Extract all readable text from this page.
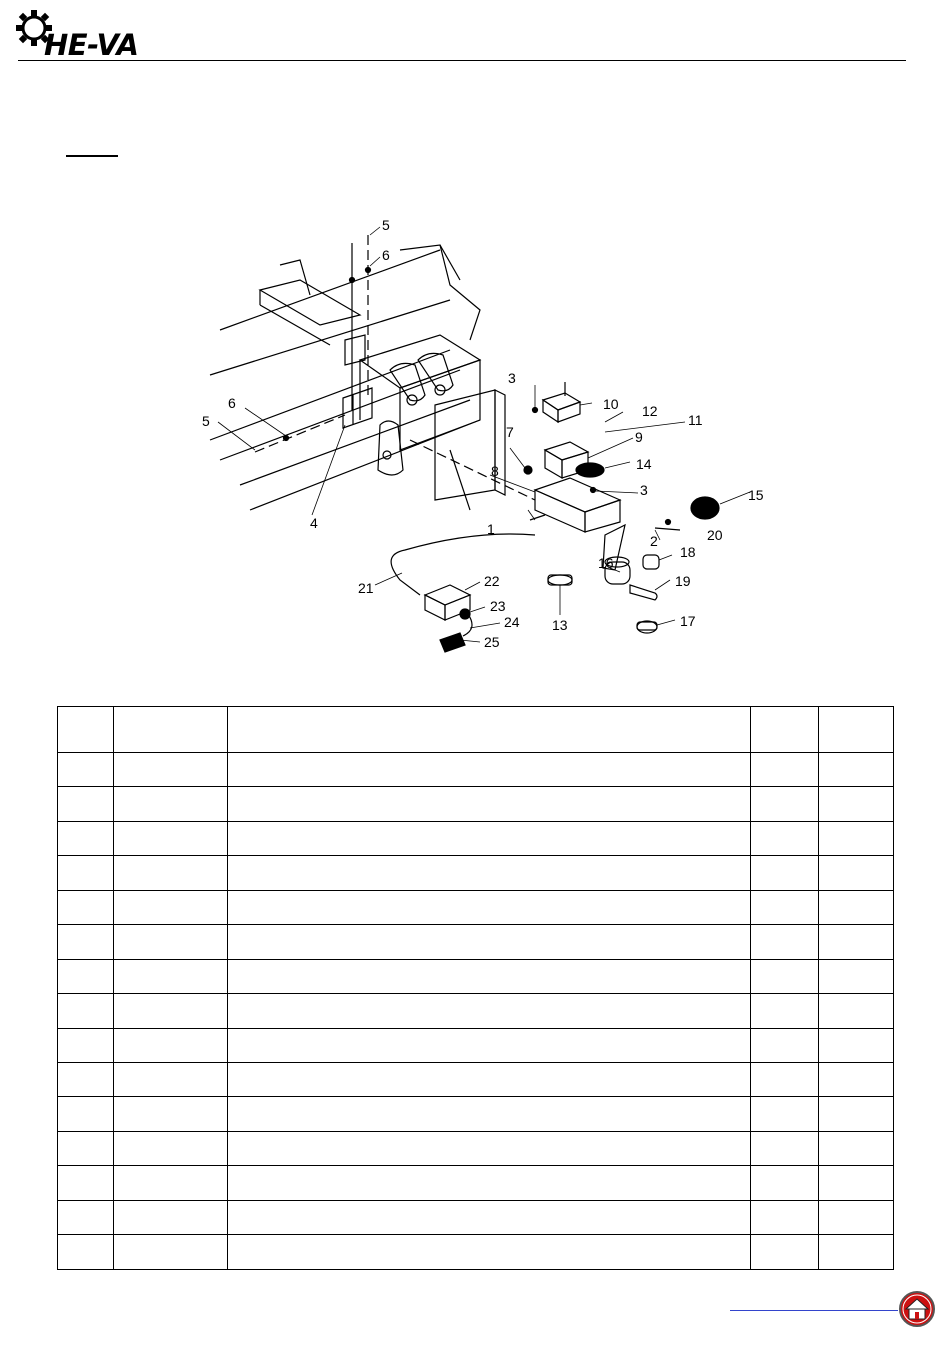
HE-VA
1
2
3
3
4
5
5
6
6
7
8
9
10
11
12
13
14
15
16
17
18
19
20
21	22
23
24
25
